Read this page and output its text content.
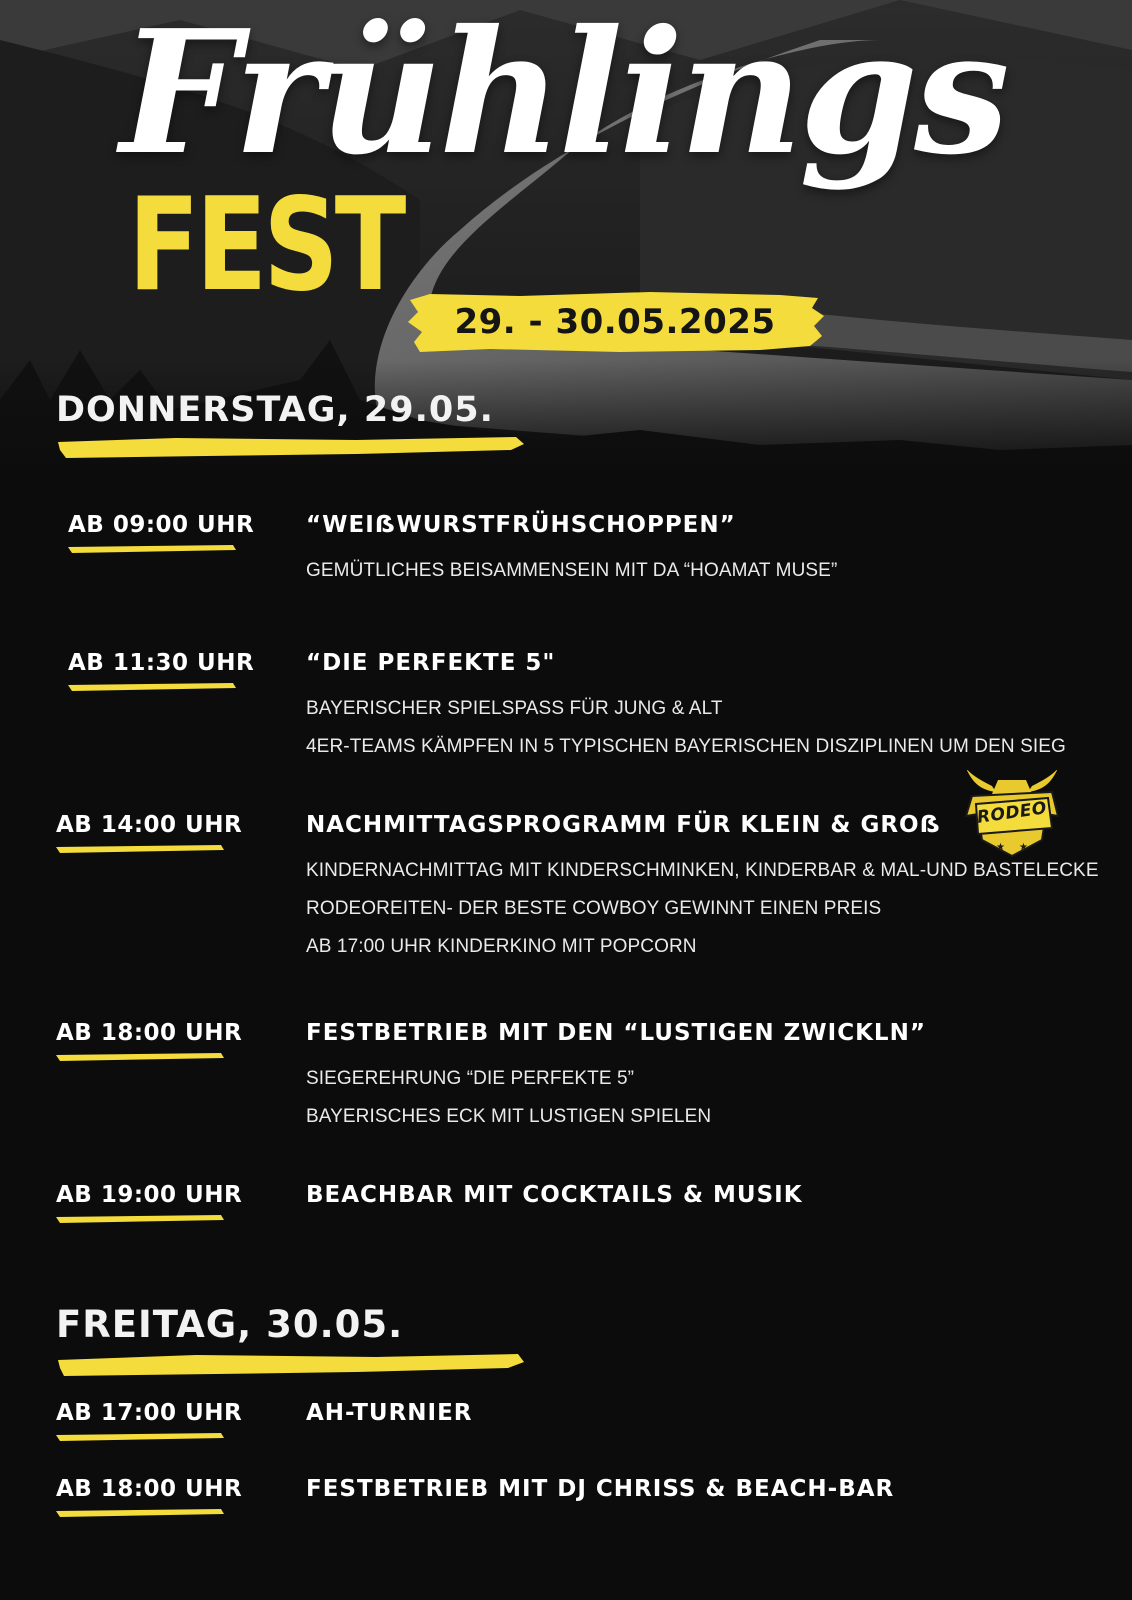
FEST
Frühlings
29. - 30.05.2025
DONNERSTAG, 29.05.
AB 09:00 UHR	“WEIẞWURSTFRÜHSCHOPPEN”
GEMÜTLICHES BEISAMMENSEIN MIT DA “HOAMAT MUSE”
AB 11:30 UHR	“DIE PERFEKTE 5"
BAYERISCHER SPIELSPASS FÜR JUNG & ALT
4ER-TEAMS KÄMPFEN IN 5 TYPISCHEN BAYERISCHEN DISZIPLINEN UM DEN SIEG
AB 14:00 UHR	NACHMITTAGSPROGRAMM FÜR KLEIN & GROẞ
KINDERNACHMITTAG MIT KINDERSCHMINKEN, KINDERBAR & MAL-UND BASTELECKE
RODEOREITEN- DER BESTE COWBOY GEWINNT EINEN PREIS
AB 17:00 UHR KINDERKINO MIT POPCORN
★ ★
RODEO
AB 18:00 UHR	FESTBETRIEB MIT DEN “LUSTIGEN ZWICKLN”
SIEGEREHRUNG “DIE PERFEKTE 5”
BAYERISCHES ECK MIT LUSTIGEN SPIELEN
AB 19:00 UHR	BEACHBAR MIT COCKTAILS & MUSIK
FREITAG, 30.05.
AB 17:00 UHR	AH-TURNIER
AB 18:00 UHR	FESTBETRIEB MIT DJ CHRISS & BEACH-BAR
